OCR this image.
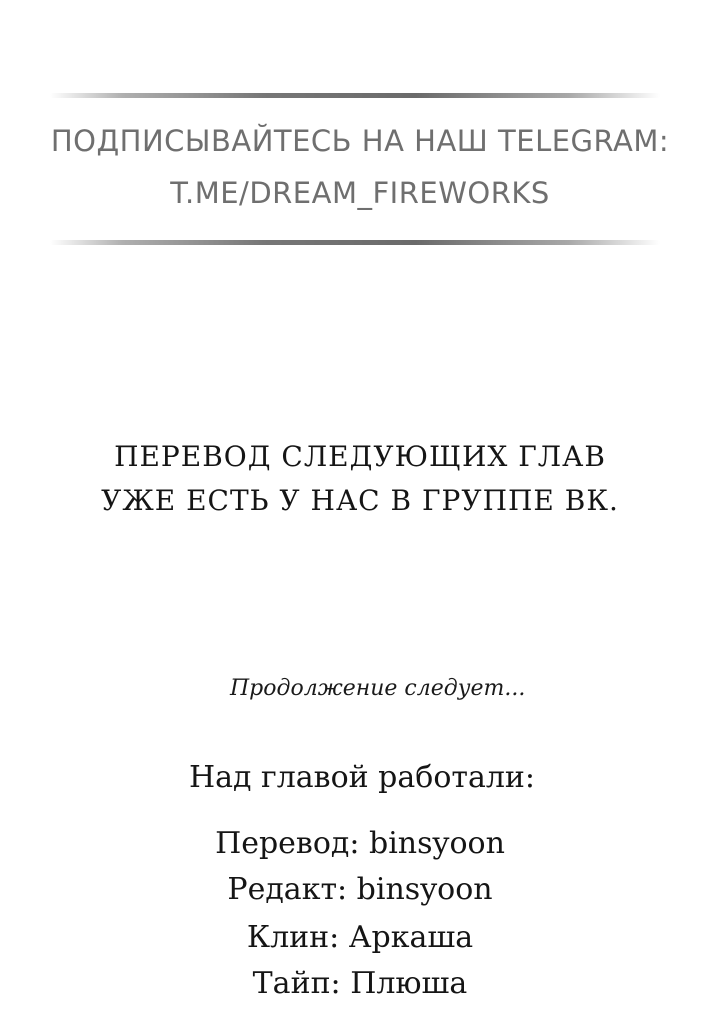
ПОДПИСЫВАЙТЕСЬ НА НАШ TELEGRAM:
T.ME/DREAM_FIREWORKS
ПЕРЕВОД СЛЕДУЮЩИХ ГЛАВ
УЖЕ ЕСТЬ У НАС В ГРУППЕ ВК.
Продолжение следует...
Над главой работали:
Перевод: binsyoon
Редакт: binsyoon
Клин: Аркаша
Тайп: Плюша
